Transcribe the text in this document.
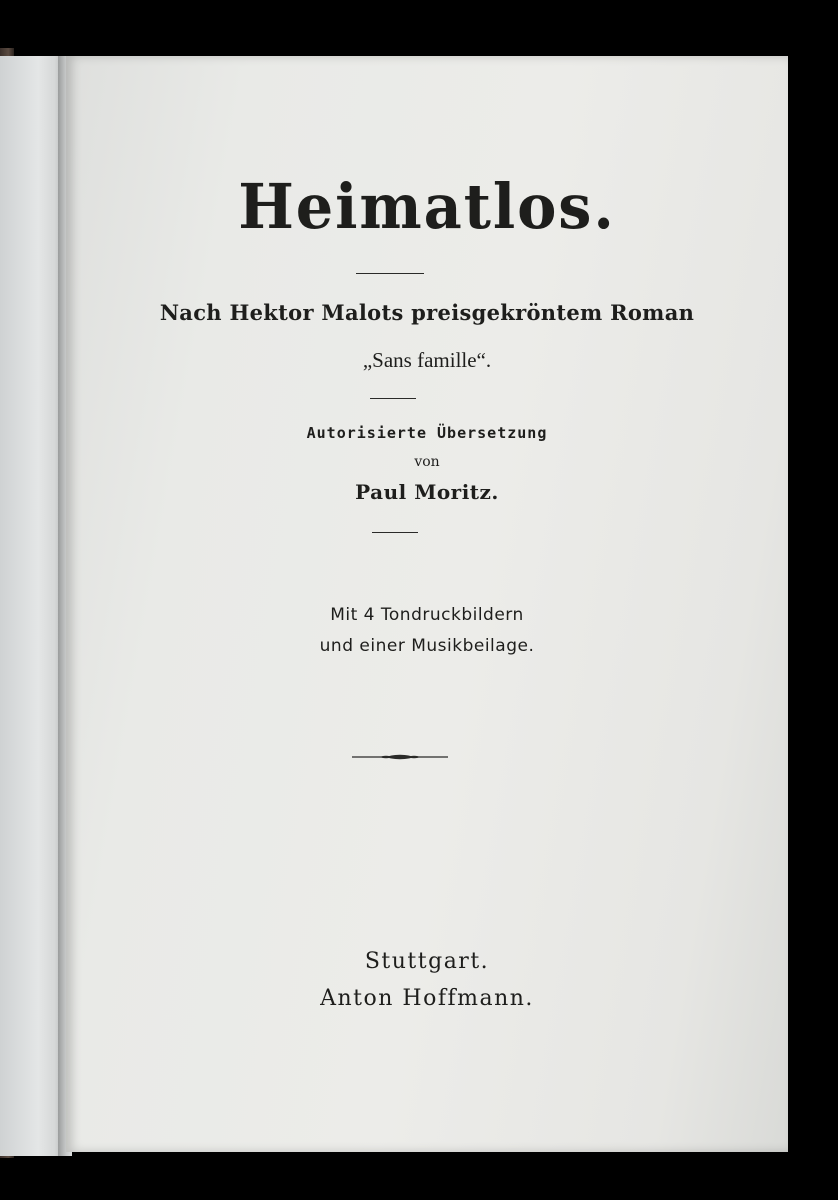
Heimatlos.
Nach Hektor Malots preisgekröntem Roman
„Sans famille“.
Autorisierte Übersetzung
von
Paul Moritz.
Mit 4 Tondruckbildern
und einer Musikbeilage.
Stuttgart.
Anton Hoffmann.
